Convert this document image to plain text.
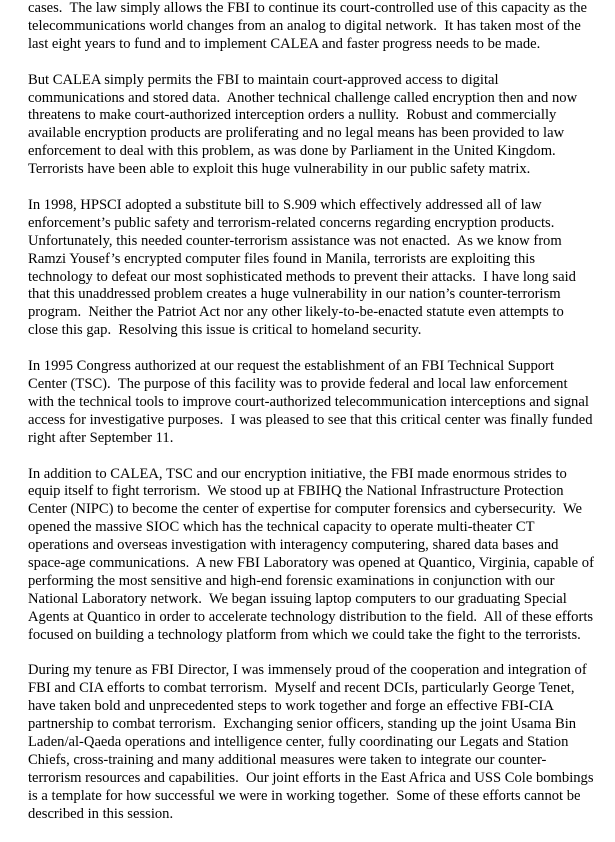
cases.  The law simply allows the FBI to continue its court-controlled use of this capacity as the
telecommunications world changes from an analog to digital network.  It has taken most of the
last eight years to fund and to implement CALEA and faster progress needs to be made.
But CALEA simply permits the FBI to maintain court-approved access to digital
communications and stored data.  Another technical challenge called encryption then and now
threatens to make court-authorized interception orders a nullity.  Robust and commercially
available encryption products are proliferating and no legal means has been provided to law
enforcement to deal with this problem, as was done by Parliament in the United Kingdom.
Terrorists have been able to exploit this huge vulnerability in our public safety matrix.
In 1998, HPSCI adopted a substitute bill to S.909 which effectively addressed all of law
enforcement’s public safety and terrorism-related concerns regarding encryption products.
Unfortunately, this needed counter-terrorism assistance was not enacted.  As we know from
Ramzi Yousef’s encrypted computer files found in Manila, terrorists are exploiting this
technology to defeat our most sophisticated methods to prevent their attacks.  I have long said
that this unaddressed problem creates a huge vulnerability in our nation’s counter-terrorism
program.  Neither the Patriot Act nor any other likely-to-be-enacted statute even attempts to
close this gap.  Resolving this issue is critical to homeland security.
In 1995 Congress authorized at our request the establishment of an FBI Technical Support
Center (TSC).  The purpose of this facility was to provide federal and local law enforcement
with the technical tools to improve court-authorized telecommunication interceptions and signal
access for investigative purposes.  I was pleased to see that this critical center was finally funded
right after September 11.
In addition to CALEA, TSC and our encryption initiative, the FBI made enormous strides to
equip itself to fight terrorism.  We stood up at FBIHQ the National Infrastructure Protection
Center (NIPC) to become the center of expertise for computer forensics and cybersecurity.  We
opened the massive SIOC which has the technical capacity to operate multi-theater CT
operations and overseas investigation with interagency computering, shared data bases and
space-age communications.  A new FBI Laboratory was opened at Quantico, Virginia, capable of
performing the most sensitive and high-end forensic examinations in conjunction with our
National Laboratory network.  We began issuing laptop computers to our graduating Special
Agents at Quantico in order to accelerate technology distribution to the field.  All of these efforts
focused on building a technology platform from which we could take the fight to the terrorists.
During my tenure as FBI Director, I was immensely proud of the cooperation and integration of
FBI and CIA efforts to combat terrorism.  Myself and recent DCIs, particularly George Tenet,
have taken bold and unprecedented steps to work together and forge an effective FBI-CIA
partnership to combat terrorism.  Exchanging senior officers, standing up the joint Usama Bin
Laden/al-Qaeda operations and intelligence center, fully coordinating our Legats and Station
Chiefs, cross-training and many additional measures were taken to integrate our counter-
terrorism resources and capabilities.  Our joint efforts in the East Africa and USS Cole bombings
is a template for how successful we were in working together.  Some of these efforts cannot be
described in this session.
